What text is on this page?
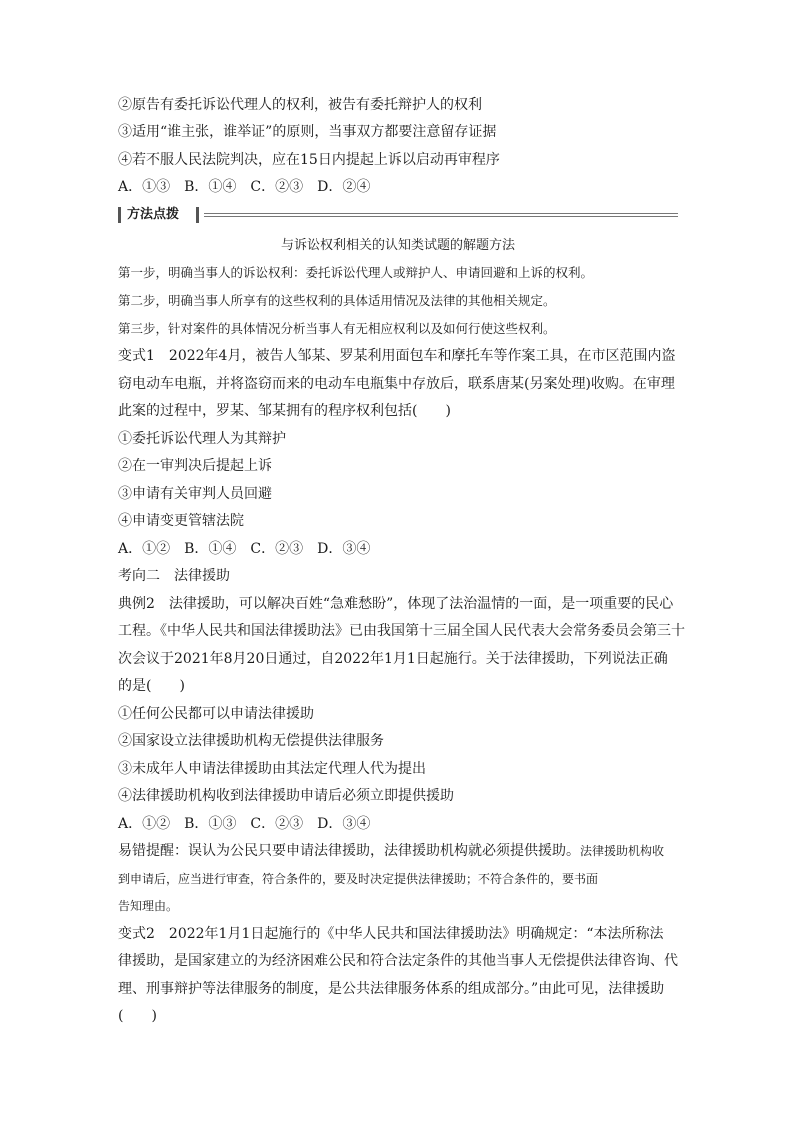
②原告有委托诉讼代理人的权利，被告有委托辩护人的权利
③适用“谁主张，谁举证”的原则，当事双方都要注意留存证据
④若不服人民法院判决，应在15日内提起上诉以启动再审程序
A．①③ B．①④ C．②③ D．②④
方法点拨
与诉讼权利相关的认知类试题的解题方法
第一步，明确当事人的诉讼权利：委托诉讼代理人或辩护人、申请回避和上诉的权利。
第二步，明确当事人所享有的这些权利的具体适用情况及法律的其他相关规定。
第三步，针对案件的具体情况分析当事人有无相应权利以及如何行使这些权利。
变式1　2022年4月，被告人邹某、罗某利用面包车和摩托车等作案工具，在市区范围内盗
窃电动车电瓶，并将盗窃而来的电动车电瓶集中存放后，联系唐某(另案处理)收购。在审理
此案的过程中，罗某、邹某拥有的程序权利包括(　　)
①委托诉讼代理人为其辩护
②在一审判决后提起上诉
③申请有关审判人员回避
④申请变更管辖法院
A．①② B．①④ C．②③ D．③④
考向二　法律援助
典例2　法律援助，可以解决百姓“急难愁盼”，体现了法治温情的一面，是一项重要的民心
工程。《中华人民共和国法律援助法》已由我国第十三届全国人民代表大会常务委员会第三十
次会议于2021年8月20日通过，自2022年1月1日起施行。关于法律援助，下列说法正确
的是(　　)
①任何公民都可以申请法律援助
②国家设立法律援助机构无偿提供法律服务
③未成年人申请法律援助由其法定代理人代为提出
④法律援助机构收到法律援助申请后必须立即提供援助
A．①② B．①③ C．②③ D．③④
易错提醒：误认为公民只要申请法律援助，法律援助机构就必须提供援助。法律援助机构收
到申请后，应当进行审查，符合条件的，要及时决定提供法律援助；不符合条件的，要书面
告知理由。
变式2　2022年1月1日起施行的《中华人民共和国法律援助法》明确规定：“本法所称法
律援助，是国家建立的为经济困难公民和符合法定条件的其他当事人无偿提供法律咨询、代
理、刑事辩护等法律服务的制度，是公共法律服务体系的组成部分。”由此可见，法律援助
(　　)
